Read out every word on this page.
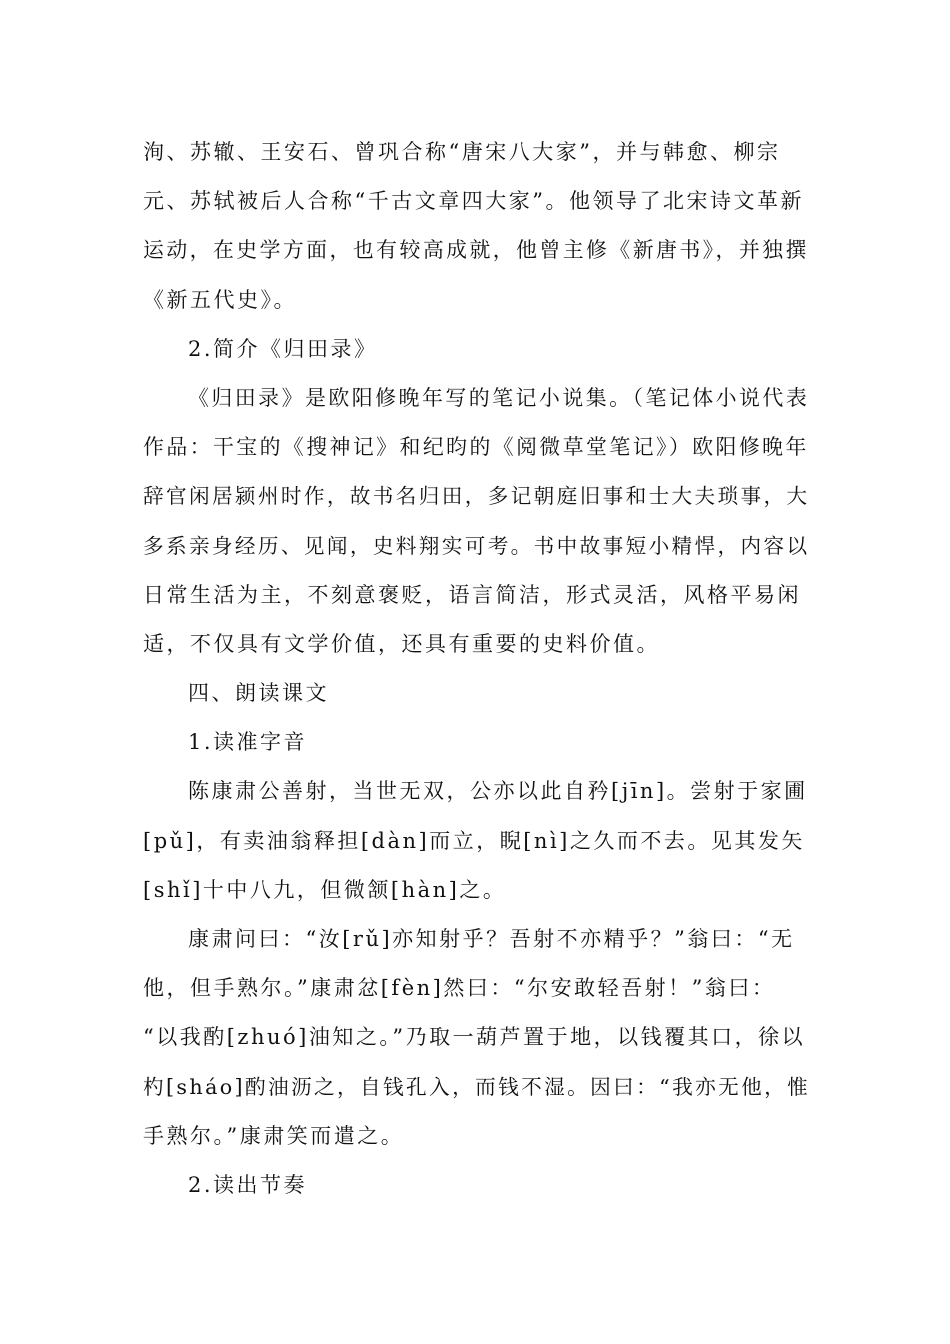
洵、苏辙、王安石、曾巩合称“唐宋八大家”，并与韩愈、柳宗
元、苏轼被后人合称“千古文章四大家”。他领导了北宋诗文革新
运动，在史学方面，也有较高成就，他曾主修《新唐书》，并独撰
《新五代史》。
2.简介《归田录》
《归田录》是欧阳修晚年写的笔记小说集。（笔记体小说代表
作品：干宝的《搜神记》和纪昀的《阅微草堂笔记》）欧阳修晚年
辞官闲居颍州时作，故书名归田，多记朝庭旧事和士大夫琐事，大
多系亲身经历、见闻，史料翔实可考。书中故事短小精悍，内容以
日常生活为主，不刻意褒贬，语言简洁，形式灵活，风格平易闲
适，不仅具有文学价值，还具有重要的史料价值。
四、朗读课文
1.读准字音
陈康肃公善射，当世无双，公亦以此自矜[jīn]。尝射于家圃
[pǔ]，有卖油翁释担[dàn]而立，睨[nì]之久而不去。见其发矢
[shǐ]十中八九，但微颔[hàn]之。
康肃问曰：“汝[rǔ]亦知射乎？吾射不亦精乎？”翁曰：“无
他，但手熟尔。”康肃忿[fèn]然曰：“尔安敢轻吾射！”翁曰：
“以我酌[zhuó]油知之。”乃取一葫芦置于地，以钱覆其口，徐以
杓[sháo]酌油沥之，自钱孔入，而钱不湿。因曰：“我亦无他，惟
手熟尔。”康肃笑而遣之。
2.读出节奏
